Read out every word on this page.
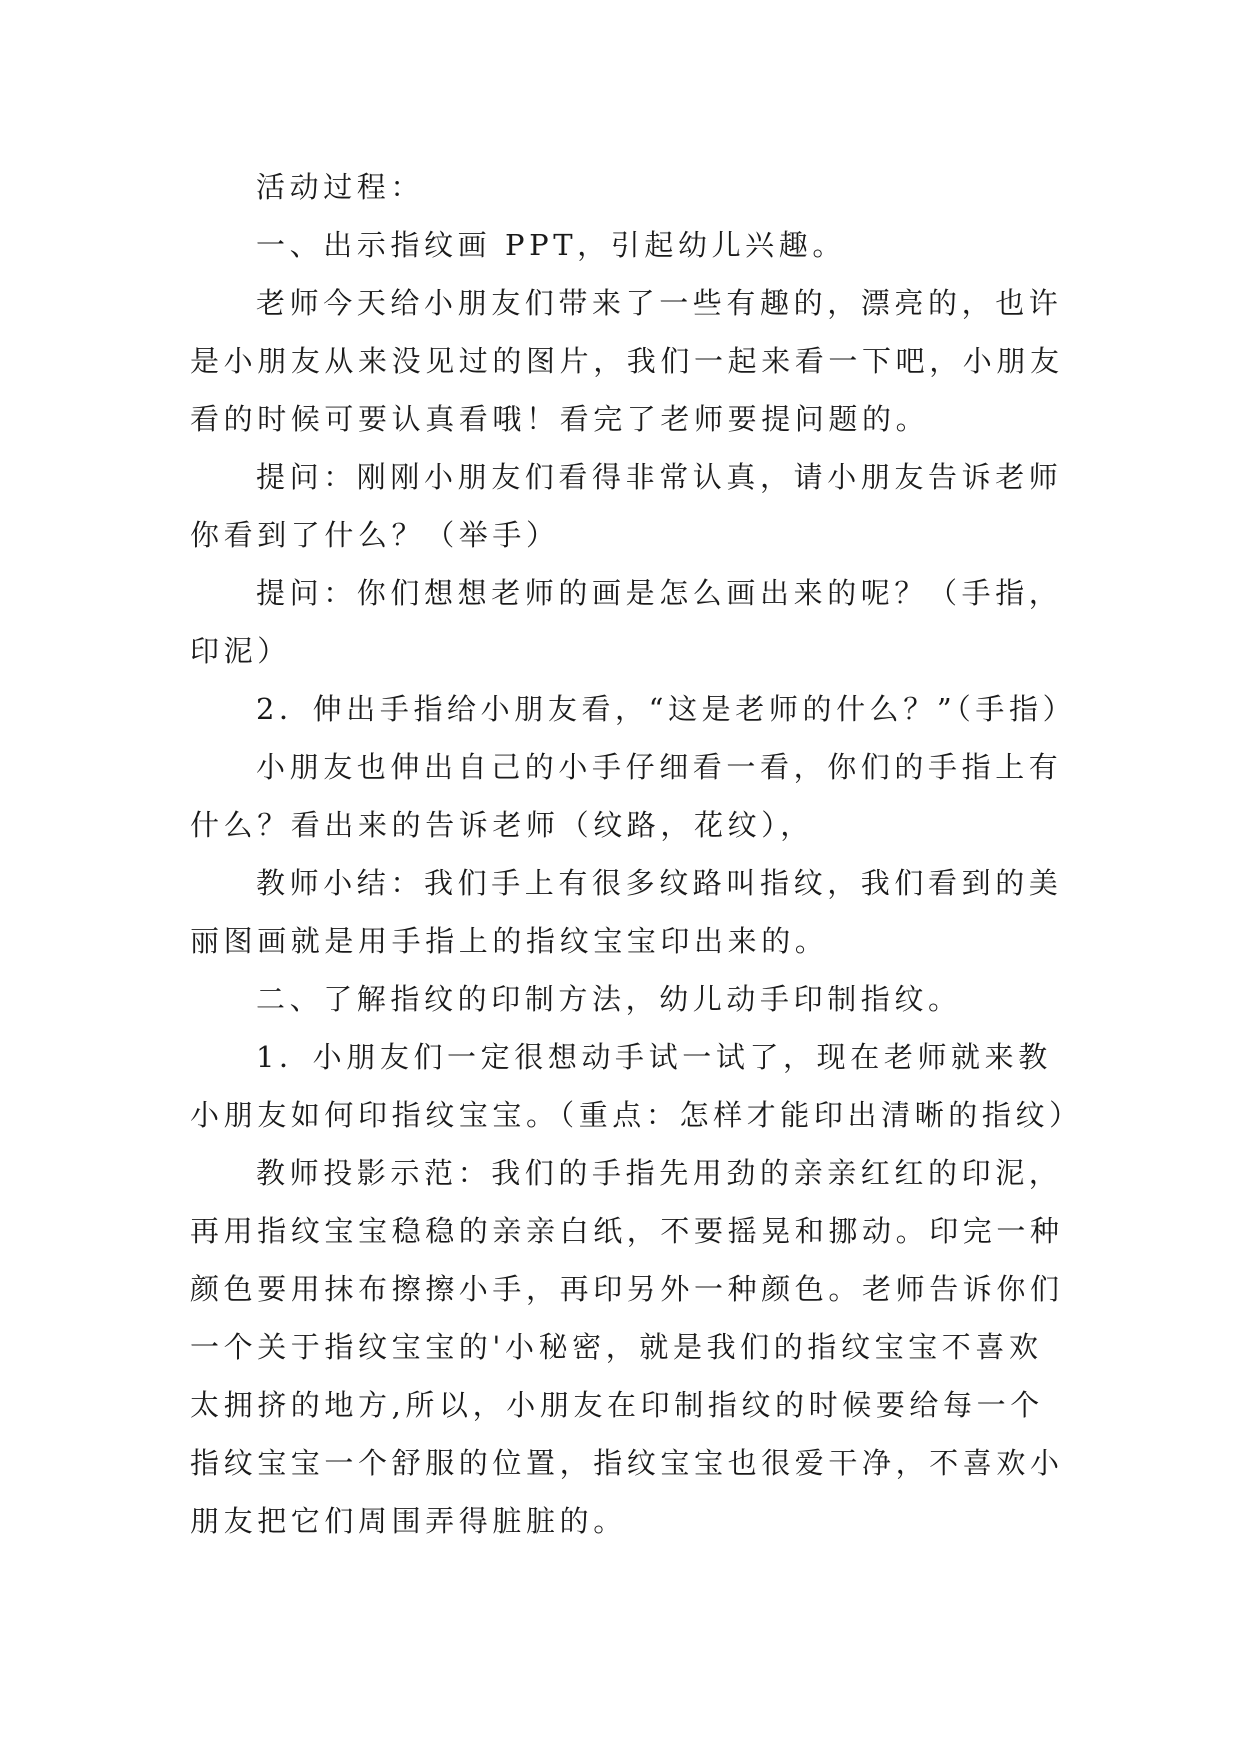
活动过程：
一、出示指纹画 PPT，引起幼儿兴趣。
老师今天给小朋友们带来了一些有趣的，漂亮的，也许
是小朋友从来没见过的图片，我们一起来看一下吧，小朋友
看的时候可要认真看哦！看完了老师要提问题的。
提问：刚刚小朋友们看得非常认真，请小朋友告诉老师
你看到了什么？（举手）
提问：你们想想老师的画是怎么画出来的呢？（手指，
印泥）
2．伸出手指给小朋友看，“这是老师的什么？”（手指）
小朋友也伸出自己的小手仔细看一看，你们的手指上有
什么？看出来的告诉老师（纹路，花纹），
教师小结：我们手上有很多纹路叫指纹，我们看到的美
丽图画就是用手指上的指纹宝宝印出来的。
二、了解指纹的印制方法，幼儿动手印制指纹。
1．小朋友们一定很想动手试一试了，现在老师就来教
小朋友如何印指纹宝宝。（重点：怎样才能印出清晰的指纹）
教师投影示范：我们的手指先用劲的亲亲红红的印泥，
再用指纹宝宝稳稳的亲亲白纸，不要摇晃和挪动。印完一种
颜色要用抹布擦擦小手，再印另外一种颜色。老师告诉你们
一个关于指纹宝宝的'小秘密，就是我们的指纹宝宝不喜欢
太拥挤的地方,所以，小朋友在印制指纹的时候要给每一个
指纹宝宝一个舒服的位置，指纹宝宝也很爱干净，不喜欢小
朋友把它们周围弄得脏脏的。
